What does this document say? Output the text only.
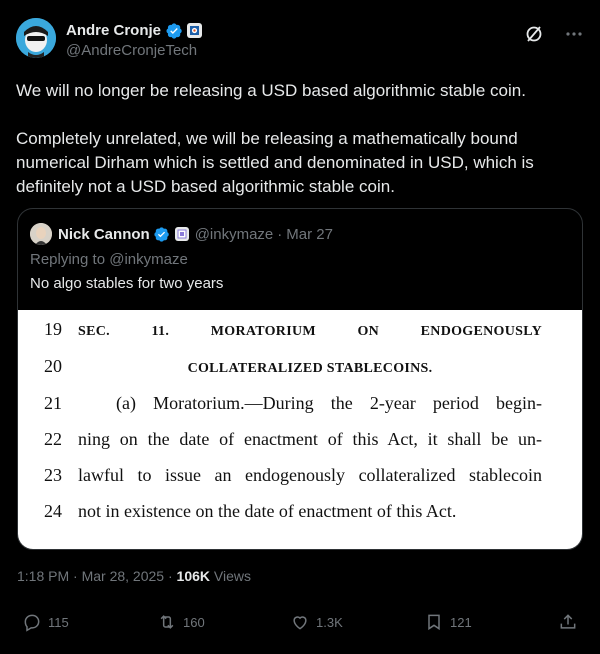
Andre Cronje
@AndreCronjeTech

We will no longer be releasing a USD based algorithmic stable coin.

Completely unrelated, we will be releasing a mathematically bound numerical Dirham which is settled and denominated in USD, which is definitely not a USD based algorithmic stable coin.

Nick Cannon	@inkymaze · Mar 27
Replying to @inkymaze
No algo stables for two years
19 SEC.	11.	MORATORIUM	ON	ENDOGENOUSLY
20	COLLATERALIZED STABLECOINS.
21	(a) Moratorium.—During the 2-year period begin-
22 ning on the date of enactment of this Act, it shall be un-
23 lawful to issue an endogenously collateralized stablecoin
24 not in existence on the date of enactment of this Act.
1:18 PM · Mar 28, 2025 · 106K Views
115	160	1.3K	121
